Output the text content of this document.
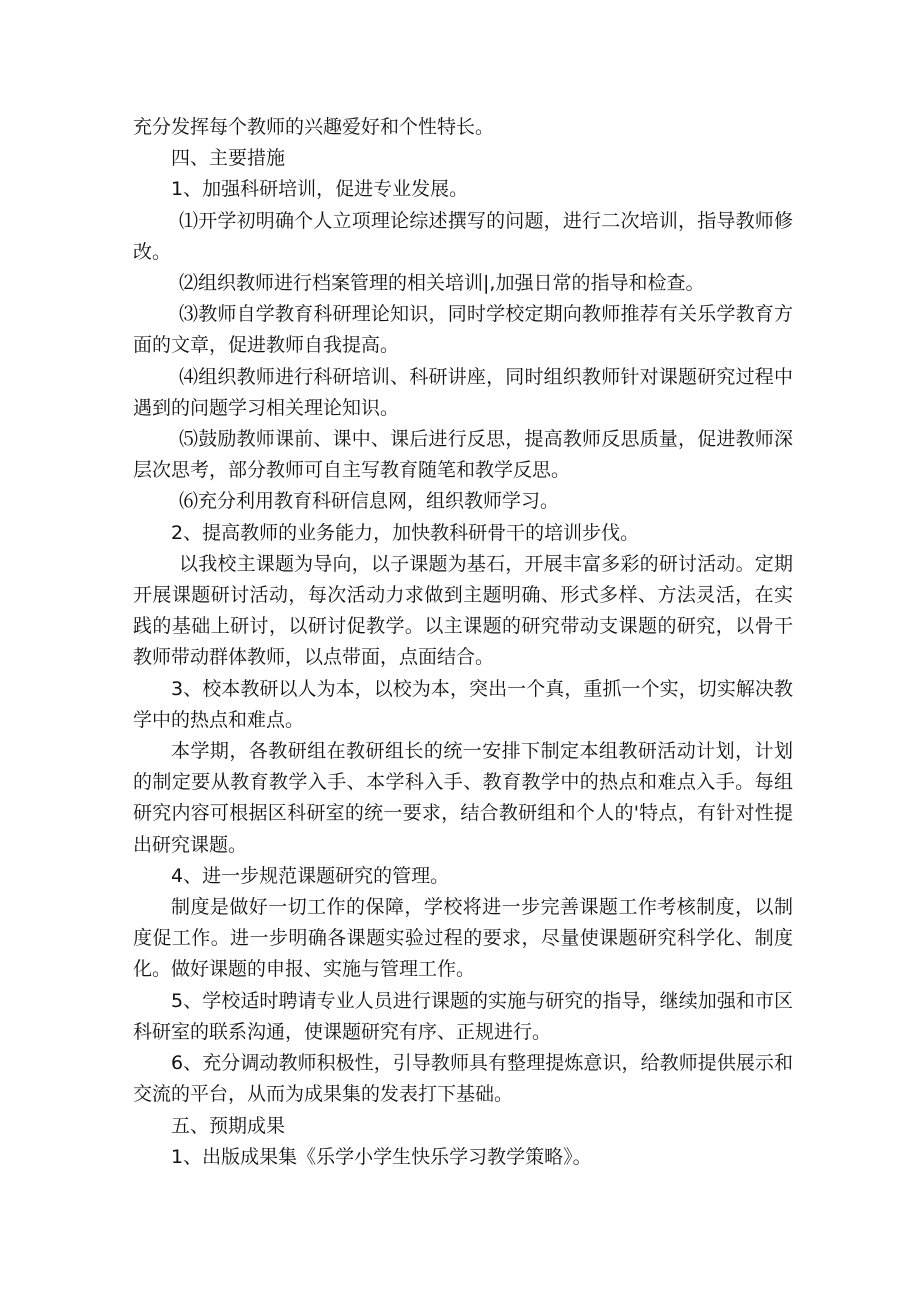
充分发挥每个教师的兴趣爱好和个性特长。

四、主要措施

1、加强科研培训，促进专业发展。

⑴开学初明确个人立项理论综述撰写的问题，进行二次培训，指导教师修改。

⑵组织教师进行档案管理的相关培训|,加强日常的指导和检查。

⑶教师自学教育科研理论知识，同时学校定期向教师推荐有关乐学教育方面的文章，促进教师自我提高。

⑷组织教师进行科研培训、科研讲座，同时组织教师针对课题研究过程中遇到的问题学习相关理论知识。

⑸鼓励教师课前、课中、课后进行反思，提高教师反思质量，促进教师深层次思考，部分教师可自主写教育随笔和教学反思。

⑹充分利用教育科研信息网，组织教师学习。

2、提高教师的业务能力，加快教科研骨干的培训步伐。

以我校主课题为导向，以子课题为基石，开展丰富多彩的研讨活动。定期开展课题研讨活动，每次活动力求做到主题明确、形式多样、方法灵活，在实践的基础上研讨，以研讨促教学。以主课题的研究带动支课题的研究，以骨干教师带动群体教师，以点带面，点面结合。

3、校本教研以人为本，以校为本，突出一个真，重抓一个实，切实解决教学中的热点和难点。

本学期，各教研组在教研组长的统一安排下制定本组教研活动计划，计划的制定要从教育教学入手、本学科入手、教育教学中的热点和难点入手。每组研究内容可根据区科研室的统一要求，结合教研组和个人的'特点，有针对性提出研究课题。

4、进一步规范课题研究的管理。

制度是做好一切工作的保障，学校将进一步完善课题工作考核制度，以制度促工作。进一步明确各课题实验过程的要求，尽量使课题研究科学化、制度化。做好课题的申报、实施与管理工作。

5、学校适时聘请专业人员进行课题的实施与研究的指导，继续加强和市区科研室的联系沟通，使课题研究有序、正规进行。

6、充分调动教师积极性，引导教师具有整理提炼意识，给教师提供展示和交流的平台，从而为成果集的发表打下基础。

五、预期成果

1、出版成果集《乐学小学生快乐学习教学策略》。
